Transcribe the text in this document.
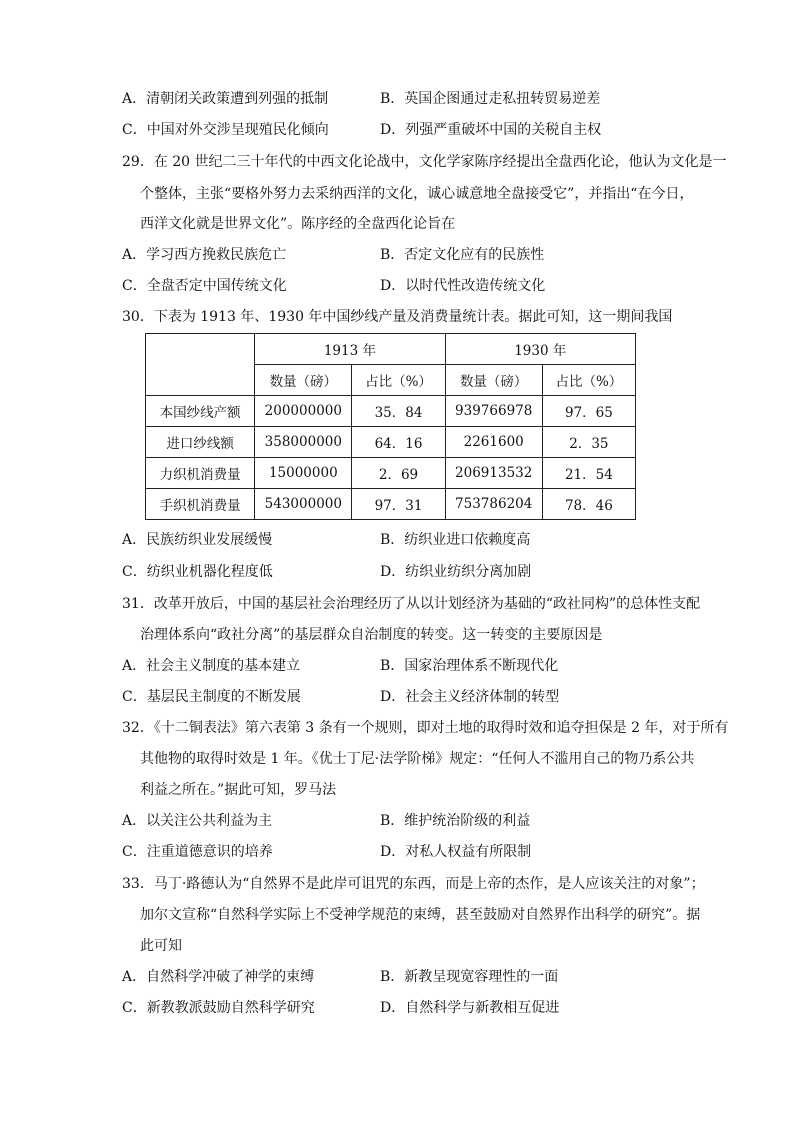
A．清朝闭关政策遭到列强的抵制	B．英国企图通过走私扭转贸易逆差
C．中国对外交涉呈现殖民化倾向	D．列强严重破坏中国的关税自主权
29．在 20 世纪二三十年代的中西文化论战中，文化学家陈序经提出全盘西化论，他认为文化是一
个整体，主张“要格外努力去采纳西洋的文化，诚心诚意地全盘接受它”，并指出“在今日，
西洋文化就是世界文化”。陈序经的全盘西化论旨在
A．学习西方挽救民族危亡	B．否定文化应有的民族性
C．全盘否定中国传统文化	D．以时代性改造传统文化
30．下表为 1913 年、1930 年中国纱线产量及消费量统计表。据此可知，这一期间我国
	1913 年		1930 年	
	数量（磅）	占比（%）	数量（磅）	占比（%）
本国纱线产额	200000000	35．84	939766978	97．65
进口纱线额	358000000	64．16	2261600	2．35
力织机消费量	15000000	2．69	206913532	21．54
手织机消费量	543000000	97．31	753786204	78．46
A．民族纺织业发展缓慢	B．纺织业进口依赖度高
C．纺织业机器化程度低	D．纺织业纺织分离加剧
31．改革开放后，中国的基层社会治理经历了从以计划经济为基础的“政社同构”的总体性支配
治理体系向“政社分离”的基层群众自治制度的转变。这一转变的主要原因是
A．社会主义制度的基本建立	B．国家治理体系不断现代化
C．基层民主制度的不断发展	D．社会主义经济体制的转型
32．《十二铜表法》第六表第 3 条有一个规则，即对土地的取得时效和追夺担保是 2 年，对于所有
其他物的取得时效是 1 年。《优士丁尼·法学阶梯》规定：“任何人不滥用自己的物乃系公共
利益之所在。”据此可知，罗马法
A．以关注公共利益为主	B．维护统治阶级的利益
C．注重道德意识的培养	D．对私人权益有所限制
33．马丁·路德认为“自然界不是此岸可诅咒的东西，而是上帝的杰作，是人应该关注的对象”；
加尔文宣称“自然科学实际上不受神学规范的束缚，甚至鼓励对自然界作出科学的研究”。据
此可知
A．自然科学冲破了神学的束缚	B．新教呈现宽容理性的一面
C．新教教派鼓励自然科学研究	D．自然科学与新教相互促进
